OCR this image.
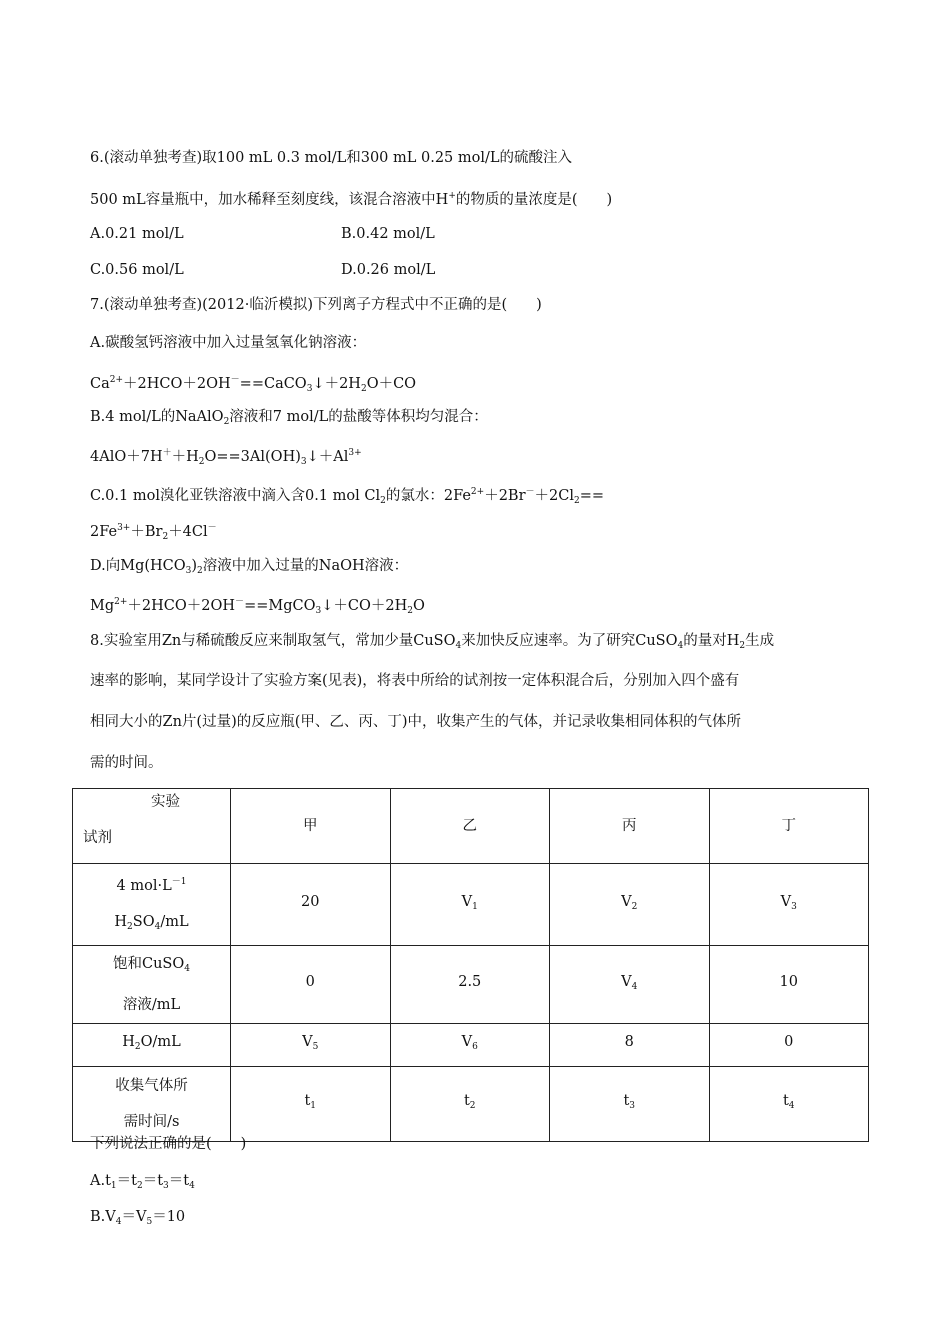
6.(滚动单独考查)取100 mL 0.3 mol/L和300 mL 0.25 mol/L的硫酸注入
500 mL容量瓶中，加水稀释至刻度线，该混合溶液中H+的物质的量浓度是(　　)
A.0.21 mol/L	B.0.42 mol/L
C.0.56 mol/L	D.0.26 mol/L
7.(滚动单独考查)(2012·临沂模拟)下列离子方程式中不正确的是(　　)
A.碳酸氢钙溶液中加入过量氢氧化钠溶液：
$Ca^{2+}+2HCO+2OH^-==CaCO_3↓+2H_2O+CO$
B.4 mol/L的NaAlO$_2$溶液和7 mol/L的盐酸等体积均匀混合：
$4AlO+7H^++H_2O==3Al(OH)_3↓+Al^{3+}$
C.0.1 mol溴化亚铁溶液中滴入含0.1 mol $Cl_2$的氯水：$2Fe^{2+}+2Br^-+2Cl_2==$
$2Fe^{3+}+Br_2+4Cl^-$
D.向$Mg(HCO_3)_2$溶液中加入过量的NaOH溶液：
$Mg^{2+}+2HCO+2OH^-==MgCO_3↓+CO+2H_2O$
8.实验室用Zn与稀硫酸反应来制取氢气，常加少量CuSO$_4$来加快反应速率。为了研究CuSO$_4$的量对$H_2$生成
速率的影响，某同学设计了实验方案(见表)，将表中所给的试剂按一定体积混合后，分别加入四个盛有
相同大小的Zn片(过量)的反应瓶(甲、乙、丙、丁)中，收集产生的气体，并记录收集相同体积的气体所
需的时间。
实验
试剂	甲	乙	丙	丁

4 $mol\cdot L^{-1}$
$H_2SO_4/mL$	20	$V_1$	$V_2$	$V_3$

饱和CuSO$_4$
溶液/mL	0	2.5	$V_4$	10
$H_2O/mL$	$V_5$	$V_6$	8	0

收集气体所
需时间/s	$t_1$	$t_2$	$t_3$	$t_4$
下列说法正确的是(　　)
$A.t_1=t_2=t_3=t_4$
$B.V_4=V_5=10$
